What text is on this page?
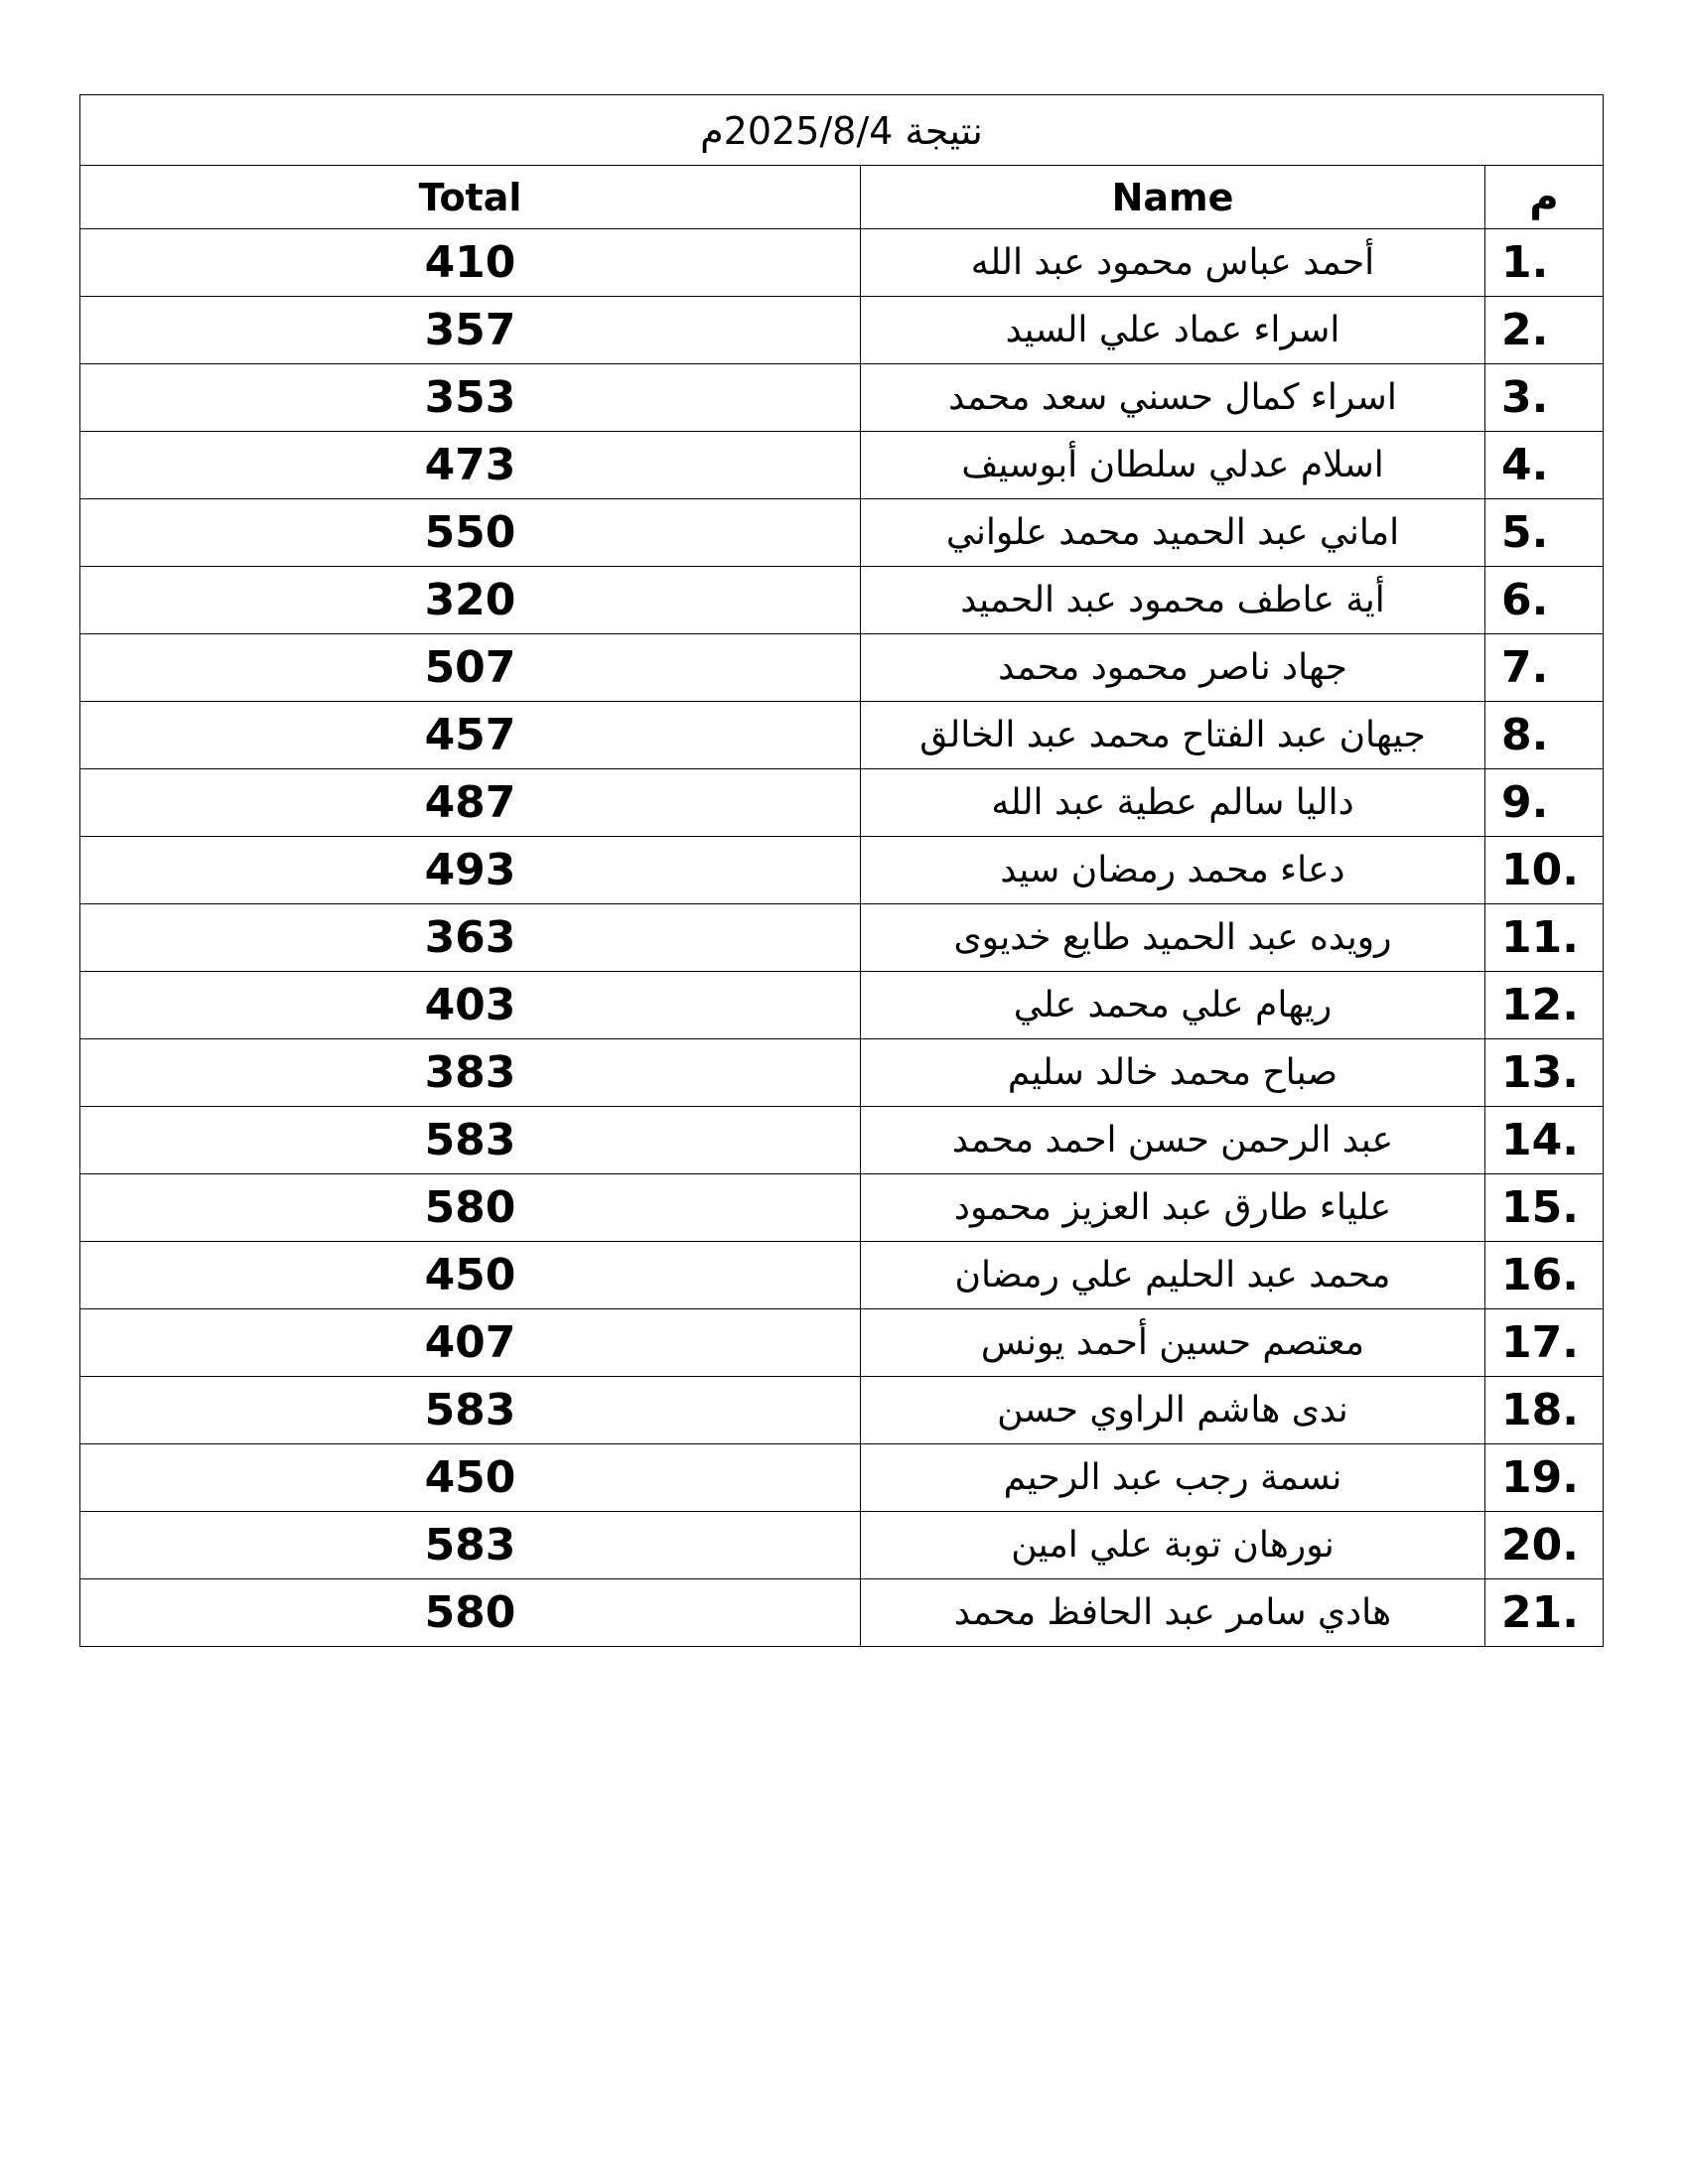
نتيجة 2025/8/4م		
Total	Name	م
410	أحمد عباس محمود عبد الله	1.
357	اسراء عماد علي السيد	2.
353	اسراء كمال حسني سعد محمد	3.
473	اسلام عدلي سلطان أبوسيف	4.
550	اماني عبد الحميد محمد علواني	5.
320	أية عاطف محمود عبد الحميد	6.
507	جهاد ناصر محمود محمد	7.
457	جيهان عبد الفتاح محمد عبد الخالق	8.
487	داليا سالم عطية عبد الله	9.
493	دعاء محمد رمضان سيد	10.
363	رويده عبد الحميد طايع خديوى	11.
403	ريهام علي محمد علي	12.
383	صباح محمد خالد سليم	13.
583	عبد الرحمن حسن احمد محمد	14.
580	علياء طارق عبد العزيز محمود	15.
450	محمد عبد الحليم علي رمضان	16.
407	معتصم حسين أحمد يونس	17.
583	ندى هاشم الراوي حسن	18.
450	نسمة رجب عبد الرحيم	19.
583	نورهان توبة علي امين	20.
580	هادي سامر عبد الحافظ محمد	21.
